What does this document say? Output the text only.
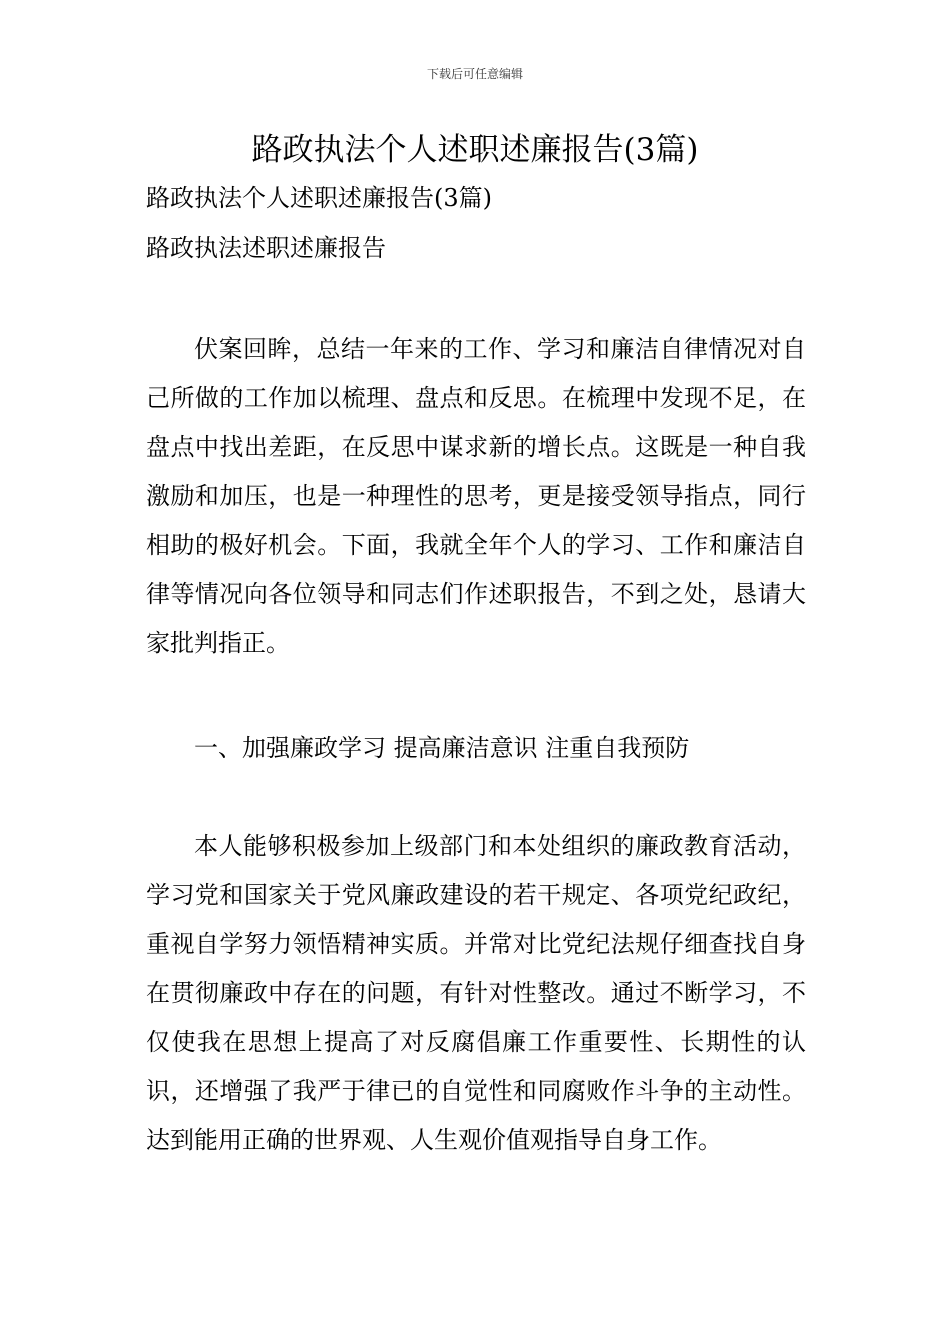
下载后可任意编辑
路政执法个人述职述廉报告(3篇)
路政执法个人述职述廉报告(3篇)
路政执法述职述廉报告

伏案回眸，总结一年来的工作、学习和廉洁自律情况对自己所做的工作加以梳理、盘点和反思。在梳理中发现不足，在盘点中找出差距，在反思中谋求新的增长点。这既是一种自我激励和加压，也是一种理性的思考，更是接受领导指点，同行相助的极好机会。下面，我就全年个人的学习、工作和廉洁自律等情况向各位领导和同志们作述职报告，不到之处，恳请大家批判指正。

一、加强廉政学习 提高廉洁意识 注重自我预防

本人能够积极参加上级部门和本处组织的廉政教育活动，学习党和国家关于党风廉政建设的若干规定、各项党纪政纪，重视自学努力领悟精神实质。并常对比党纪法规仔细查找自身在贯彻廉政中存在的问题，有针对性整改。通过不断学习，不仅使我在思想上提高了对反腐倡廉工作重要性、长期性的认识，还增强了我严于律已的自觉性和同腐败作斗争的主动性。达到能用正确的世界观、人生观价值观指导自身工作。
